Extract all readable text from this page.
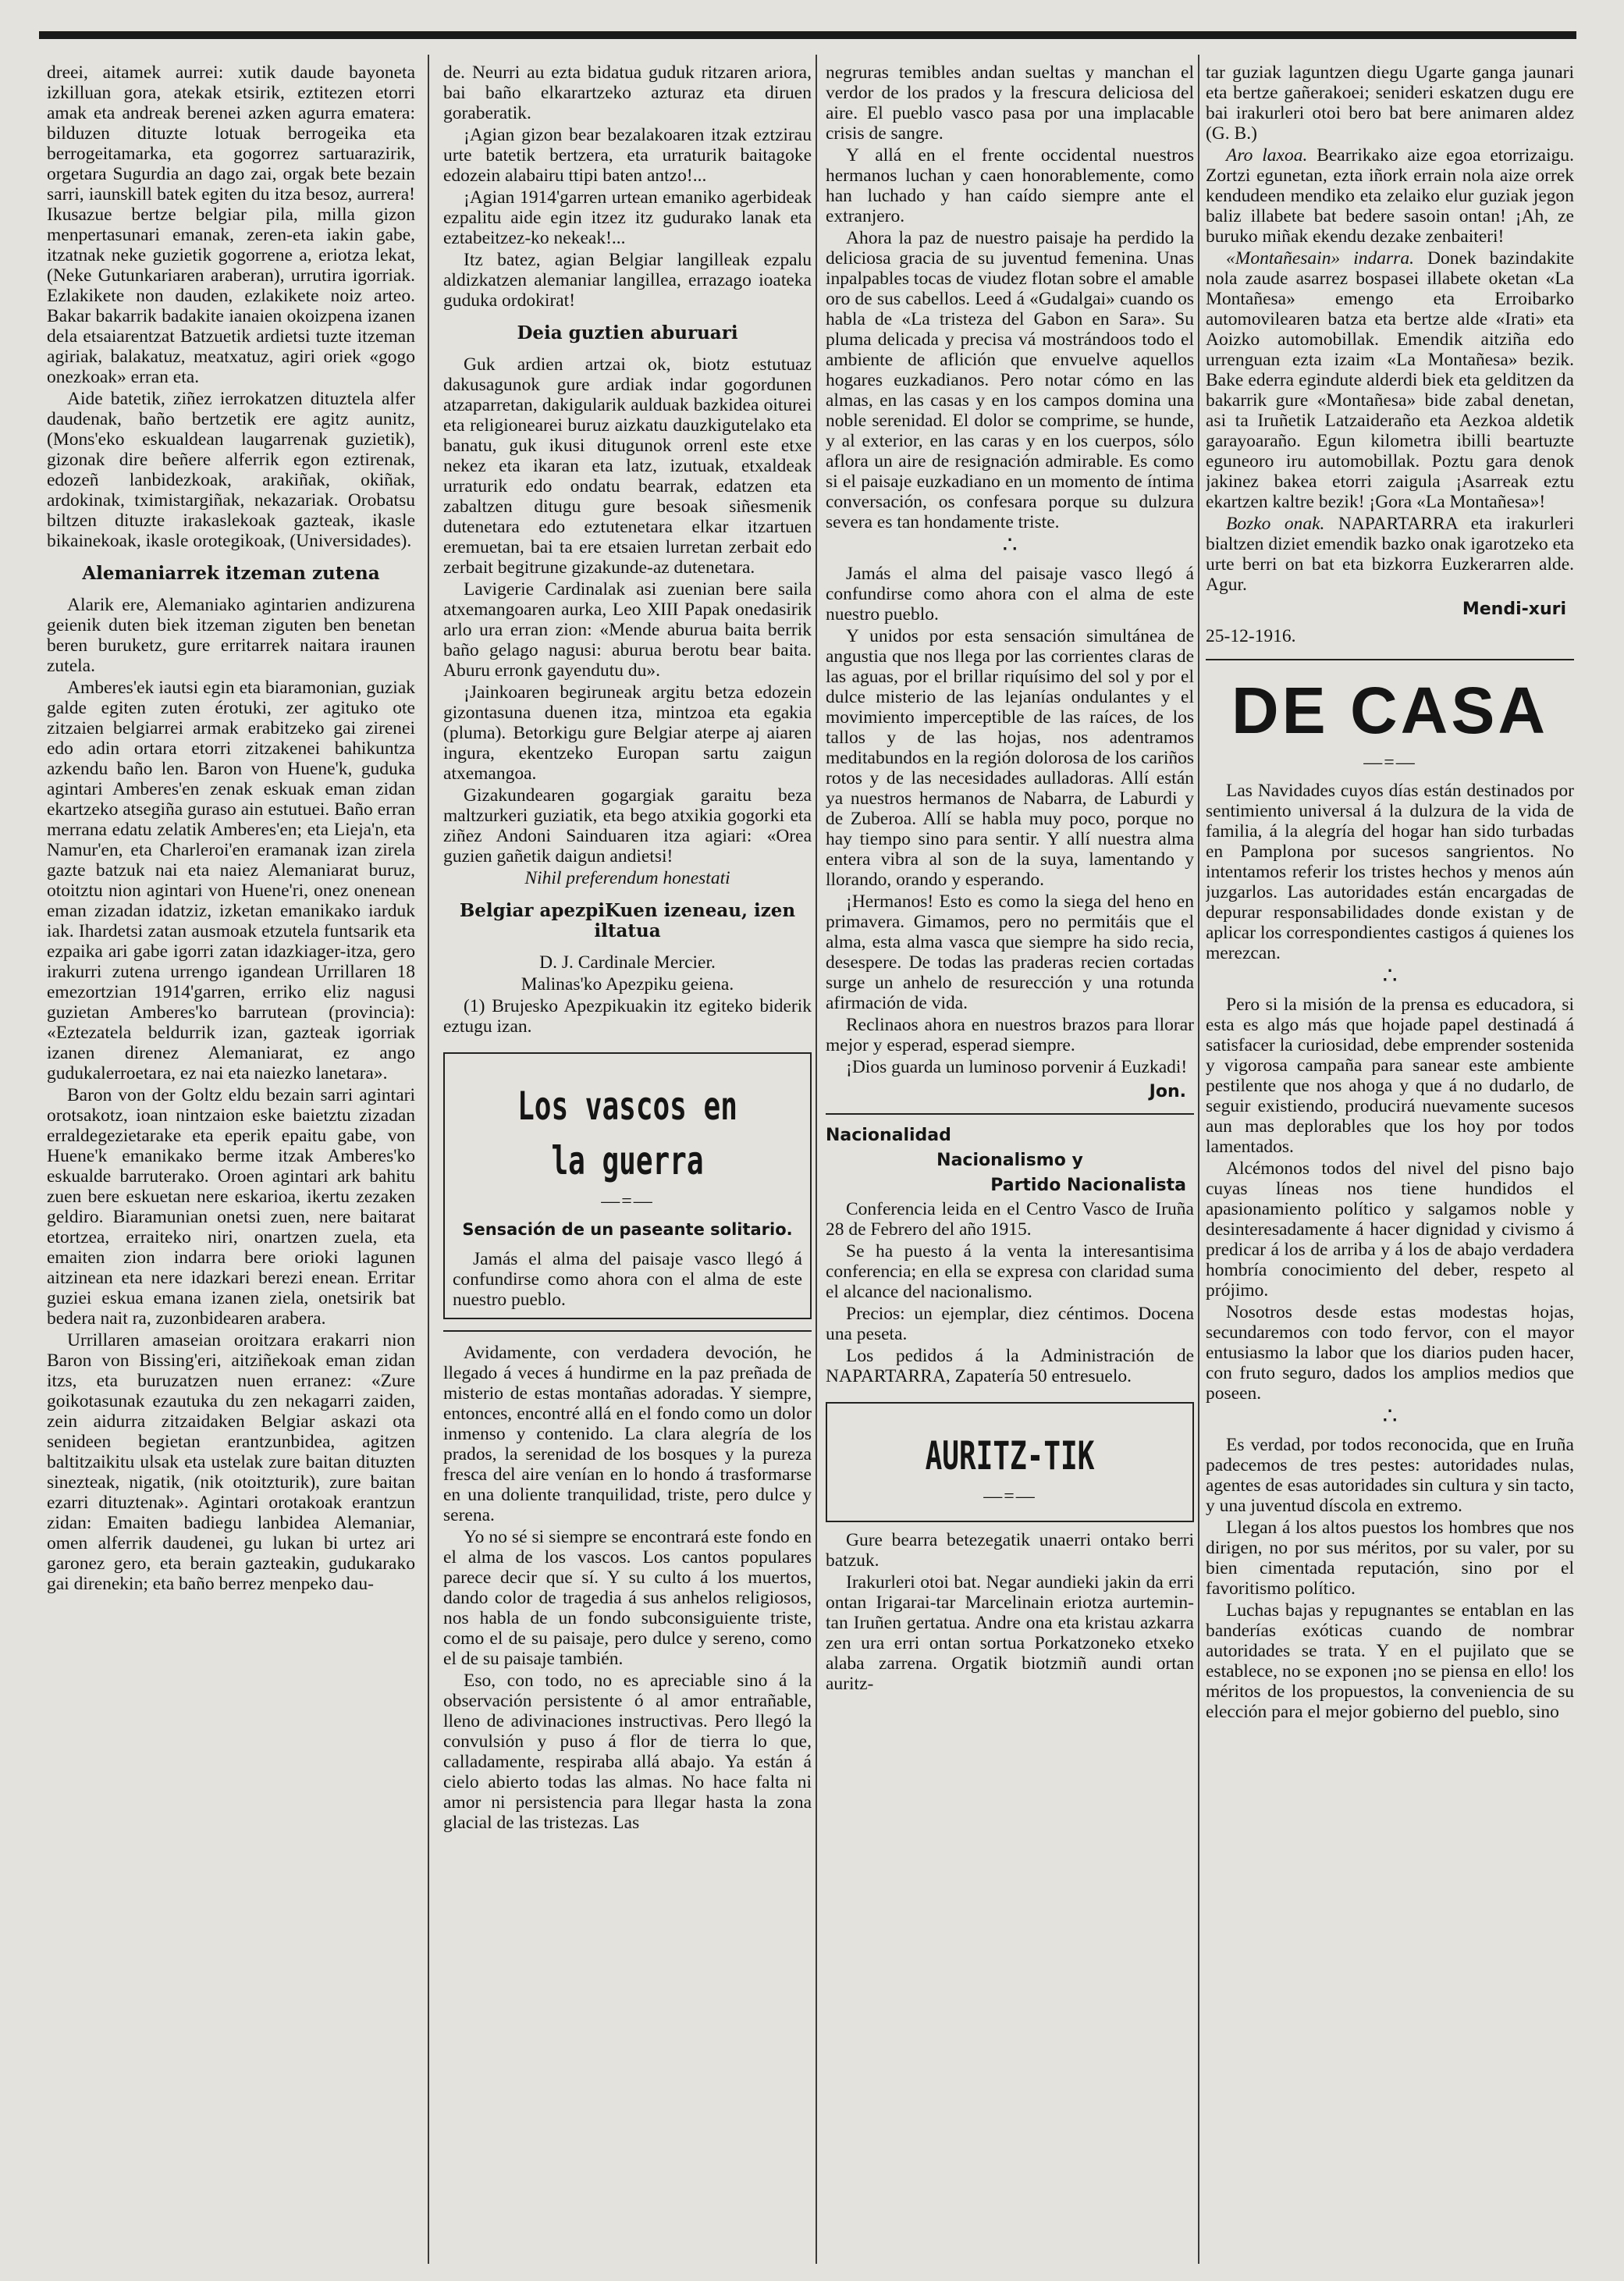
dreei, aitamek aurrei: xutik daude bayoneta izkilluan gora, atekak etsirik, eztitezen etorri amak eta andreak berenei azken agurra ematera: bilduzen dituzte lotuak berrogeika eta berrogeitamarka, eta gogorrez sartuarazirik, orgetara Sugurdia an dago zai, orgak bete bezain sarri, iaunskill batek egiten du itza besoz, aurrera! Ikusazue bertze belgiar pila, milla gizon menpertasunari emanak, zeren-eta iakin gabe, itzatnak neke guzietik gogorrene a, eriotza lekat, (Neke Gutunkariaren araberan), urrutira igorriak. Ezlakikete non dauden, ezlakikete noiz arteo. Bakar bakarrik badakite ianaien okoizpena izanen dela etsaiarentzat Batzuetik ardietsi tuzte itzeman agiriak, balakatuz, meatxatuz, agiri oriek «gogo onezkoak» erran eta.

Aide batetik, ziñez ierrokatzen dituztela alfer daudenak, baño bertzetik ere agitz aunitz, (Mons'eko eskualdean laugarrenak guzietik), gizonak dire beñere alferrik egon eztirenak, edozeñ lanbidezkoak, arakiñak, okiñak, ardokinak, tximistargiñak, nekazariak. Orobatsu biltzen dituzte irakaslekoak gazteak, ikasle bikainekoak, ikasle orotegikoak, (Universidades).

Alemaniarrek itzeman zutena

Alarik ere, Alemaniako agintarien andizurena geienik duten biek itzeman ziguten ben benetan beren buruketz, gure erritarrek naitara iraunen zutela.

Amberes'ek iautsi egin eta biaramonian, guziak galde egiten zuten érotuki, zer agituko ote zitzaien belgiarrei armak erabitzeko gai zirenei edo adin ortara etorri zitzakenei bahikuntza azkendu baño len. Baron von Huene'k, guduka agintari Amberes'en zenak eskuak eman zidan ekartzeko atsegiña guraso ain estutuei. Baño erran merrana edatu zelatik Amberes'en; eta Lieja'n, eta Namur'en, eta Charleroi'en eramanak izan zirela gazte batzuk nai eta naiez Alemaniarat buruz, otoitztu nion agintari von Huene'ri, onez onenean eman zizadan idatziz, izketan emanikako iarduk iak. Ihardetsi zatan ausmoak etzutela funtsarik eta ezpaika ari gabe igorri zatan idazkiager-itza, gero irakurri zutena urrengo igandean Urrillaren 18 emezortzian 1914'garren, erriko eliz nagusi guzietan Amberes'ko barrutean (provincia): «Eztezatela beldurrik izan, gazteak igorriak izanen direnez Alemaniarat, ez ango gudukalerroetara, ez nai eta naiezko lanetara».

Baron von der Goltz eldu bezain sarri agintari orotsakotz, ioan nintzaion eske baietztu zizadan erraldegezietarake eta eperik epaitu gabe, von Huene'k emanikako berme itzak Amberes'ko eskualde barruterako. Oroen agintari ark bahitu zuen bere eskuetan nere eskarioa, ikertu zezaken geldiro. Biaramunian onetsi zuen, nere baitarat etortzea, erraiteko niri, onartzen zuela, eta emaiten zion indarra bere orioki lagunen aitzinean eta nere idazkari berezi enean. Erritar guziei eskua emana izanen ziela, onetsirik bat bedera nait ra, zuzonbidearen arabera.

Urrillaren amaseian oroitzara erakarri nion Baron von Bissing'eri, aitziñekoak eman zidan itzs, eta buruzatzen nuen erranez: «Zure goikotasunak ezautuka du zen nekagarri zaiden, zein aidurra zitzaidaken Belgiar askazi ota senideen begietan erantzunbidea, agitzen baltitzaikitu ulsak eta ustelak zure baitan dituzten sinezteak, nigatik, (nik otoitzturik), zure baitan ezarri dituztenak». Agintari orotakoak erantzun zidan: Emaiten badiegu lanbidea Alemaniar, omen alferrik daudenei, gu lukan bi urtez ari garonez gero, eta berain gazteakin, gudukarako gai direnekin; eta baño berrez menpeko dau-

de. Neurri au ezta bidatua guduk ritzaren ariora, bai baño elkarartzeko azturaz eta diruen goraberatik.

¡Agian gizon bear bezalakoaren itzak eztzirau urte batetik bertzera, eta urraturik baitagoke edozein alabairu ttipi baten antzo!...

¡Agian 1914'garren urtean emaniko agerbideak ezpalitu aide egin itzez itz gudurako lanak eta eztabeitzez-ko nekeak!...

Itz batez, agian Belgiar langilleak ezpalu aldizkatzen alemaniar langillea, errazago ioateka guduka ordokirat!

Deia guztien aburuari

Guk ardien artzai ok, biotz estutuaz dakusagunok gure ardiak indar gogordunen atzaparretan, dakigularik aulduak bazkidea oiturei eta religionearei buruz aizkatu dauzkigutelako eta banatu, guk ikusi ditugunok orrenl este etxe nekez eta ikaran eta latz, izutuak, etxaldeak urraturik edo ondatu bearrak, edatzen eta zabaltzen ditugu gure besoak siñesmenik dutenetara edo eztutenetara elkar itzartuen eremuetan, bai ta ere etsaien lurretan zerbait edo zerbait begitrune gizakunde-az dutenetara.

Lavigerie Cardinalak asi zuenian bere saila atxemangoaren aurka, Leo XIII Papak onedasirik arlo ura erran zion: «Mende aburua baita berrik baño gelago nagusi: aburua berotu bear baita. Aburu erronk gayendutu du».

¡Jainkoaren begiruneak argitu betza edozein gizontasuna duenen itza, mintzoa eta egakia (pluma). Betorkigu gure Belgiar aterpe aj aiaren ingura, ekentzeko Europan sartu zaigun atxemangoa.

Gizakundearen gogargiak garaitu beza maltzurkeri guziatik, eta bego atxikia gogorki eta ziñez Andoni Sainduaren itza agiari: «Orea guzien gañetik daigun andietsi!

Nihil preferendum honestati

Belgiar apezpiKuen izeneau, izen iltatua

D. J. Cardinale Mercier.

Malinas'ko Apezpiku geiena.

(1) Brujesko Apezpikuakin itz egiteko biderik eztugu izan.

Los vascos en la guerra
—=—
Sensación de un paseante solitario.

Jamás el alma del paisaje vasco llegó á confundirse como ahora con el alma de este nuestro pueblo.

Avidamente, con verdadera devoción, he llegado á veces á hundirme en la paz preñada de misterio de estas montañas adoradas. Y siempre, entonces, encontré allá en el fondo como un dolor inmenso y contenido. La clara alegría de los prados, la serenidad de los bosques y la pureza fresca del aire venían en lo hondo á trasformarse en una doliente tranquilidad, triste, pero dulce y serena.

Yo no sé si siempre se encontrará este fondo en el alma de los vascos. Los cantos populares parece decir que sí. Y su culto á los muertos, dando color de tragedia á sus anhelos religiosos, nos habla de un fondo subconsiguiente triste, como el de su paisaje, pero dulce y sereno, como el de su paisaje también.

Eso, con todo, no es apreciable sino á la observación persistente ó al amor entrañable, lleno de adivinaciones instructivas. Pero llegó la convulsión y puso á flor de tierra lo que, calladamente, respiraba allá abajo. Ya están á cielo abierto todas las almas. No hace falta ni amor ni persistencia para llegar hasta la zona glacial de las tristezas. Las

negruras temibles andan sueltas y manchan el verdor de los prados y la frescura deliciosa del aire. El pueblo vasco pasa por una implacable crisis de sangre.

Y allá en el frente occidental nuestros hermanos luchan y caen honorablemente, como han luchado y han caído siempre ante el extranjero.

Ahora la paz de nuestro paisaje ha perdido la deliciosa gracia de su juventud femenina. Unas inpalpables tocas de viudez flotan sobre el amable oro de sus cabellos. Leed á «Gudalgai» cuando os habla de «La tristeza del Gabon en Sara». Su pluma delicada y precisa vá mostrándoos todo el ambiente de aflición que envuelve aquellos hogares euzkadianos. Pero notar cómo en las almas, en las casas y en los campos domina una noble serenidad. El dolor se comprime, se hunde, y al exterior, en las caras y en los cuerpos, sólo aflora un aire de resignación admirable. Es como si el paisaje euzkadiano en un momento de íntima conversación, os confesara porque su dulzura severa es tan hondamente triste.

∴

Jamás el alma del paisaje vasco llegó á confundirse como ahora con el alma de este nuestro pueblo.

Y unidos por esta sensación simultánea de angustia que nos llega por las corrientes claras de las aguas, por el brillar riquísimo del sol y por el dulce misterio de las lejanías ondulantes y el movimiento imperceptible de las raíces, de los tallos y de las hojas, nos adentramos meditabundos en la región dolorosa de los cariños rotos y de las necesidades aulladoras. Allí están ya nuestros hermanos de Nabarra, de Laburdi y de Zuberoa. Allí se habla muy poco, porque no hay tiempo sino para sentir. Y allí nuestra alma entera vibra al son de la suya, lamentando y llorando, orando y esperando.

¡Hermanos! Esto es como la siega del heno en primavera. Gimamos, pero no permitáis que el alma, esta alma vasca que siempre ha sido recia, desespere. De todas las praderas recien cortadas surge un anhelo de resurección y una rotunda afirmación de vida.

Reclinaos ahora en nuestros brazos para llorar mejor y esperad, esperad siempre.

¡Dios guarda un luminoso porvenir á Euzkadi!

Jon.
Nacionalidad
Nacionalismo y
Partido Nacionalista

Conferencia leida en el Centro Vasco de Iruña 28 de Febrero del año 1915.

Se ha puesto á la venta la interesantisima conferencia; en ella se expresa con claridad suma el alcance del nacionalismo.

Precios: un ejemplar, diez céntimos. Docena una peseta.

Los pedidos á la Administración de NAPARTARRA, Zapatería 50 entresuelo.

AURITZ-TIK
—=—

Gure bearra betezegatik unaerri ontako berri batzuk.

Irakurleri otoi bat. Negar aundieki jakin da erri ontan Irigarai-tar Marcelinain eriotza aurtemin-tan Iruñen gertatua. Andre ona eta kristau azkarra zen ura erri ontan sortua Porkatzoneko etxeko alaba zarrena. Orgatik biotzmiñ aundi ortan auritz-

tar guziak laguntzen diegu Ugarte ganga jaunari eta bertze gañerakoei; senideri eskatzen dugu ere bai irakurleri otoi bero bat bere animaren aldez (G. B.)

Aro laxoa. Bearrikako aize egoa etorrizaigu. Zortzi egunetan, ezta iñork errain nola aize orrek kendudeen mendiko eta zelaiko elur guziak jegon baliz illabete bat bedere sasoin ontan! ¡Ah, ze buruko miñak ekendu dezake zenbaiteri!

«Montañesain» indarra. Donek bazindakite nola zaude asarrez bospasei illabete oketan «La Montañesa» emengo eta Erroibarko automovilearen batza eta bertze alde «Irati» eta Aoizko automobillak. Emendik aitziña edo urrenguan ezta izaim «La Montañesa» bezik. Bake ederra egindute alderdi biek eta gelditzen da bakarrik gure «Montañesa» bide zabal denetan, asi ta Iruñetik Latzaideraño eta Aezkoa aldetik garayoaraño. Egun kilometra ibilli beartuzte eguneoro iru automobillak. Poztu gara denok jakinez bakea etorri zaigula ¡Asarreak eztu ekartzen kaltre bezik! ¡Gora «La Montañesa»!

Bozko onak. NAPARTARRA eta irakurleri bialtzen diziet emendik bazko onak igarotzeko eta urte berri on bat eta bizkorra Euzkerarren alde. Agur.

Mendi-xuri
25-12-1916.
DE CASA
—=—

Las Navidades cuyos días están destinados por sentimiento universal á la dulzura de la vida de familia, á la alegría del hogar han sido turbadas en Pamplona por sucesos sangrientos. No intentamos referir los tristes hechos y menos aún juzgarlos. Las autoridades están encargadas de depurar responsabilidades donde existan y de aplicar los correspondientes castigos á quienes los merezcan.

∴

Pero si la misión de la prensa es educadora, si esta es algo más que hojade papel destinadá á satisfacer la curiosidad, debe emprender sostenida y vigorosa campaña para sanear este ambiente pestilente que nos ahoga y que á no dudarlo, de seguir existiendo, producirá nuevamente sucesos aun mas deplorables que los hoy por todos lamentados.

Alcémonos todos del nivel del pisno bajo cuyas líneas nos tiene hundidos el apasionamiento político y salgamos noble y desinteresadamente á hacer dignidad y civismo á predicar á los de arriba y á los de abajo verdadera hombría conocimiento del deber, respeto al prójimo.

Nosotros desde estas modestas hojas, secundaremos con todo fervor, con el mayor entusiasmo la labor que los diarios puden hacer, con fruto seguro, dados los amplios medios que poseen.

∴

Es verdad, por todos reconocida, que en Iruña padecemos de tres pestes: autoridades nulas, agentes de esas autoridades sin cultura y sin tacto, y una juventud díscola en extremo.

Llegan á los altos puestos los hombres que nos dirigen, no por sus méritos, por su valer, por su bien cimentada reputación, sino por el favoritismo político.

Luchas bajas y repugnantes se entablan en las banderías exóticas cuando de nombrar autoridades se trata. Y en el pujilato que se establece, no se exponen ¡no se piensa en ello! los méritos de los propuestos, la conveniencia de su elección para el mejor gobierno del pueblo, sino
